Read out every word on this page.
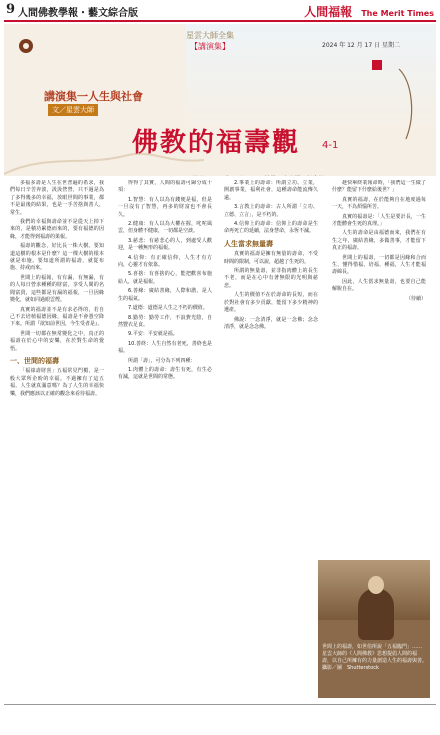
9 人間佛教學報・藝文綜合版	人間福報 The Merit Times
星雲大師全集
【講演集】	2024 年 12 月 17 日 星期二
講演集一人生與社會
文／星雲大師
佛教的福壽觀 4-1

多福多壽是人生在世普遍的希求，我們每日辛苦奔波，汲汲營營，只不過是為了多得幾多的幸福，放眼世間的事業，都不是最後的結果，也是一手苦捨與善人，常生。

我們的幸福與壽命並不是從天上掉下來的，是積功累德而來的，要有福德的因緣，才能得到福壽的果報。

福壽的觀念，好比長一株大樹。要知道這樹的根本是什麼？這一棵大樹的根本就是布施。要知道所謂的福壽，就從布施、持戒而來。

世間上的福報，有有漏，有無漏，有的人每日營求種種的財富，享受人間的名聞富貴，這些都是有漏的福報，一旦因緣變化，就如同過眼雲煙。

真實的福壽並不是有求必得的，若自己不去培植福德因緣，福壽是不會憑空降下來。所謂『欲知前世因，今生受者是』。

世間一切都在無常變化之中，真正的福壽在於心中的安樂，在於對生命的覺悟。

一、世間的福壽

「福祿壽財喜」五福常見門楣，是一般大眾所企盼的幸福。不過擁有了這五福，人生就真滿意嗎？為了人生的幸福快樂，我們應該以正確的觀念來看待福壽。

得得了其實，人間的福壽可歸分成十項：

1.智慧：有人以為有錢便是福，但是一旦沒有了智慧，再多的財富也不會長久。

2.健康：有人以為大權在握，叱咤風雲，但身體不健康，一切都是空談。

3.慈悲：有慈悲心的人，到處受人歡迎，是一種無形的福報。

4.信仰：有正確信仰，人生才有方向，心靈才有依靠。

5.喜捨：有喜捨的心，能把歡喜布施給人，就是福報。

6.善緣：廣結善緣，人際和諧，是人生的福氣。

7.道德：道德是人生之不朽的價值。

8.勤勞：勤勞工作，不浪費光陰，自然豐衣足食。

9.平安：平安就是福。

10.善終：人生自然有老死，善終也是福。

所謂「壽」，可分為下列四種：

1.肉體上的壽命：壽生有死，有生必有滅，這就是世間的常態。

2.事業上的壽命：所謂立功、立業，開創事業，福利社會，這種壽命能流傳久遠。

3.言教上的壽命：古人所謂「立功、立德、立言」，是不朽的。

4.信仰上的壽命：信仰上的壽命是生命再死亡的延續，法身慧命，永恆不滅。

人生當求無量壽

真實的福壽是擁有無量的壽命，不受時間的限制，可以說，超越了生死的。

所謂的無量壽，並非指肉體上的長生不老，而是在心中有著無限的光明與慈悲。

人生的價值不在於壽命的長短，而在於對社會有多少貢獻，能留下多少精神的遺產。

佛說：一念清淨，就是一念佛；念念清淨，就是念念佛。

趁快畢終業報命時，「我們這一生做了什麼？能留下什麼給後世？」

真實的福壽，在於能夠自在地度過每一天，不為煩惱所苦。

真實的福壽是：「人生是要計長，一生才能體會生死的真理。」

人生的壽命是由福德而來，我們在有生之年，廣結善緣，多做善事，才能留下真正的福壽。

世間上的福壽，一切都是因緣和合而生，懂得惜福、培福、種福，人生才能福壽綿長。

因此，人生當求無量壽，也要自己能解脫自在。

（待續）

世間上的福壽，如世俗所說「五福臨門」……星雲大師的《人間佛教》思想提倡人間的福壽，以自己所擁有的力量創造人生的福壽與善。　攝影／圖　Shutterstock
